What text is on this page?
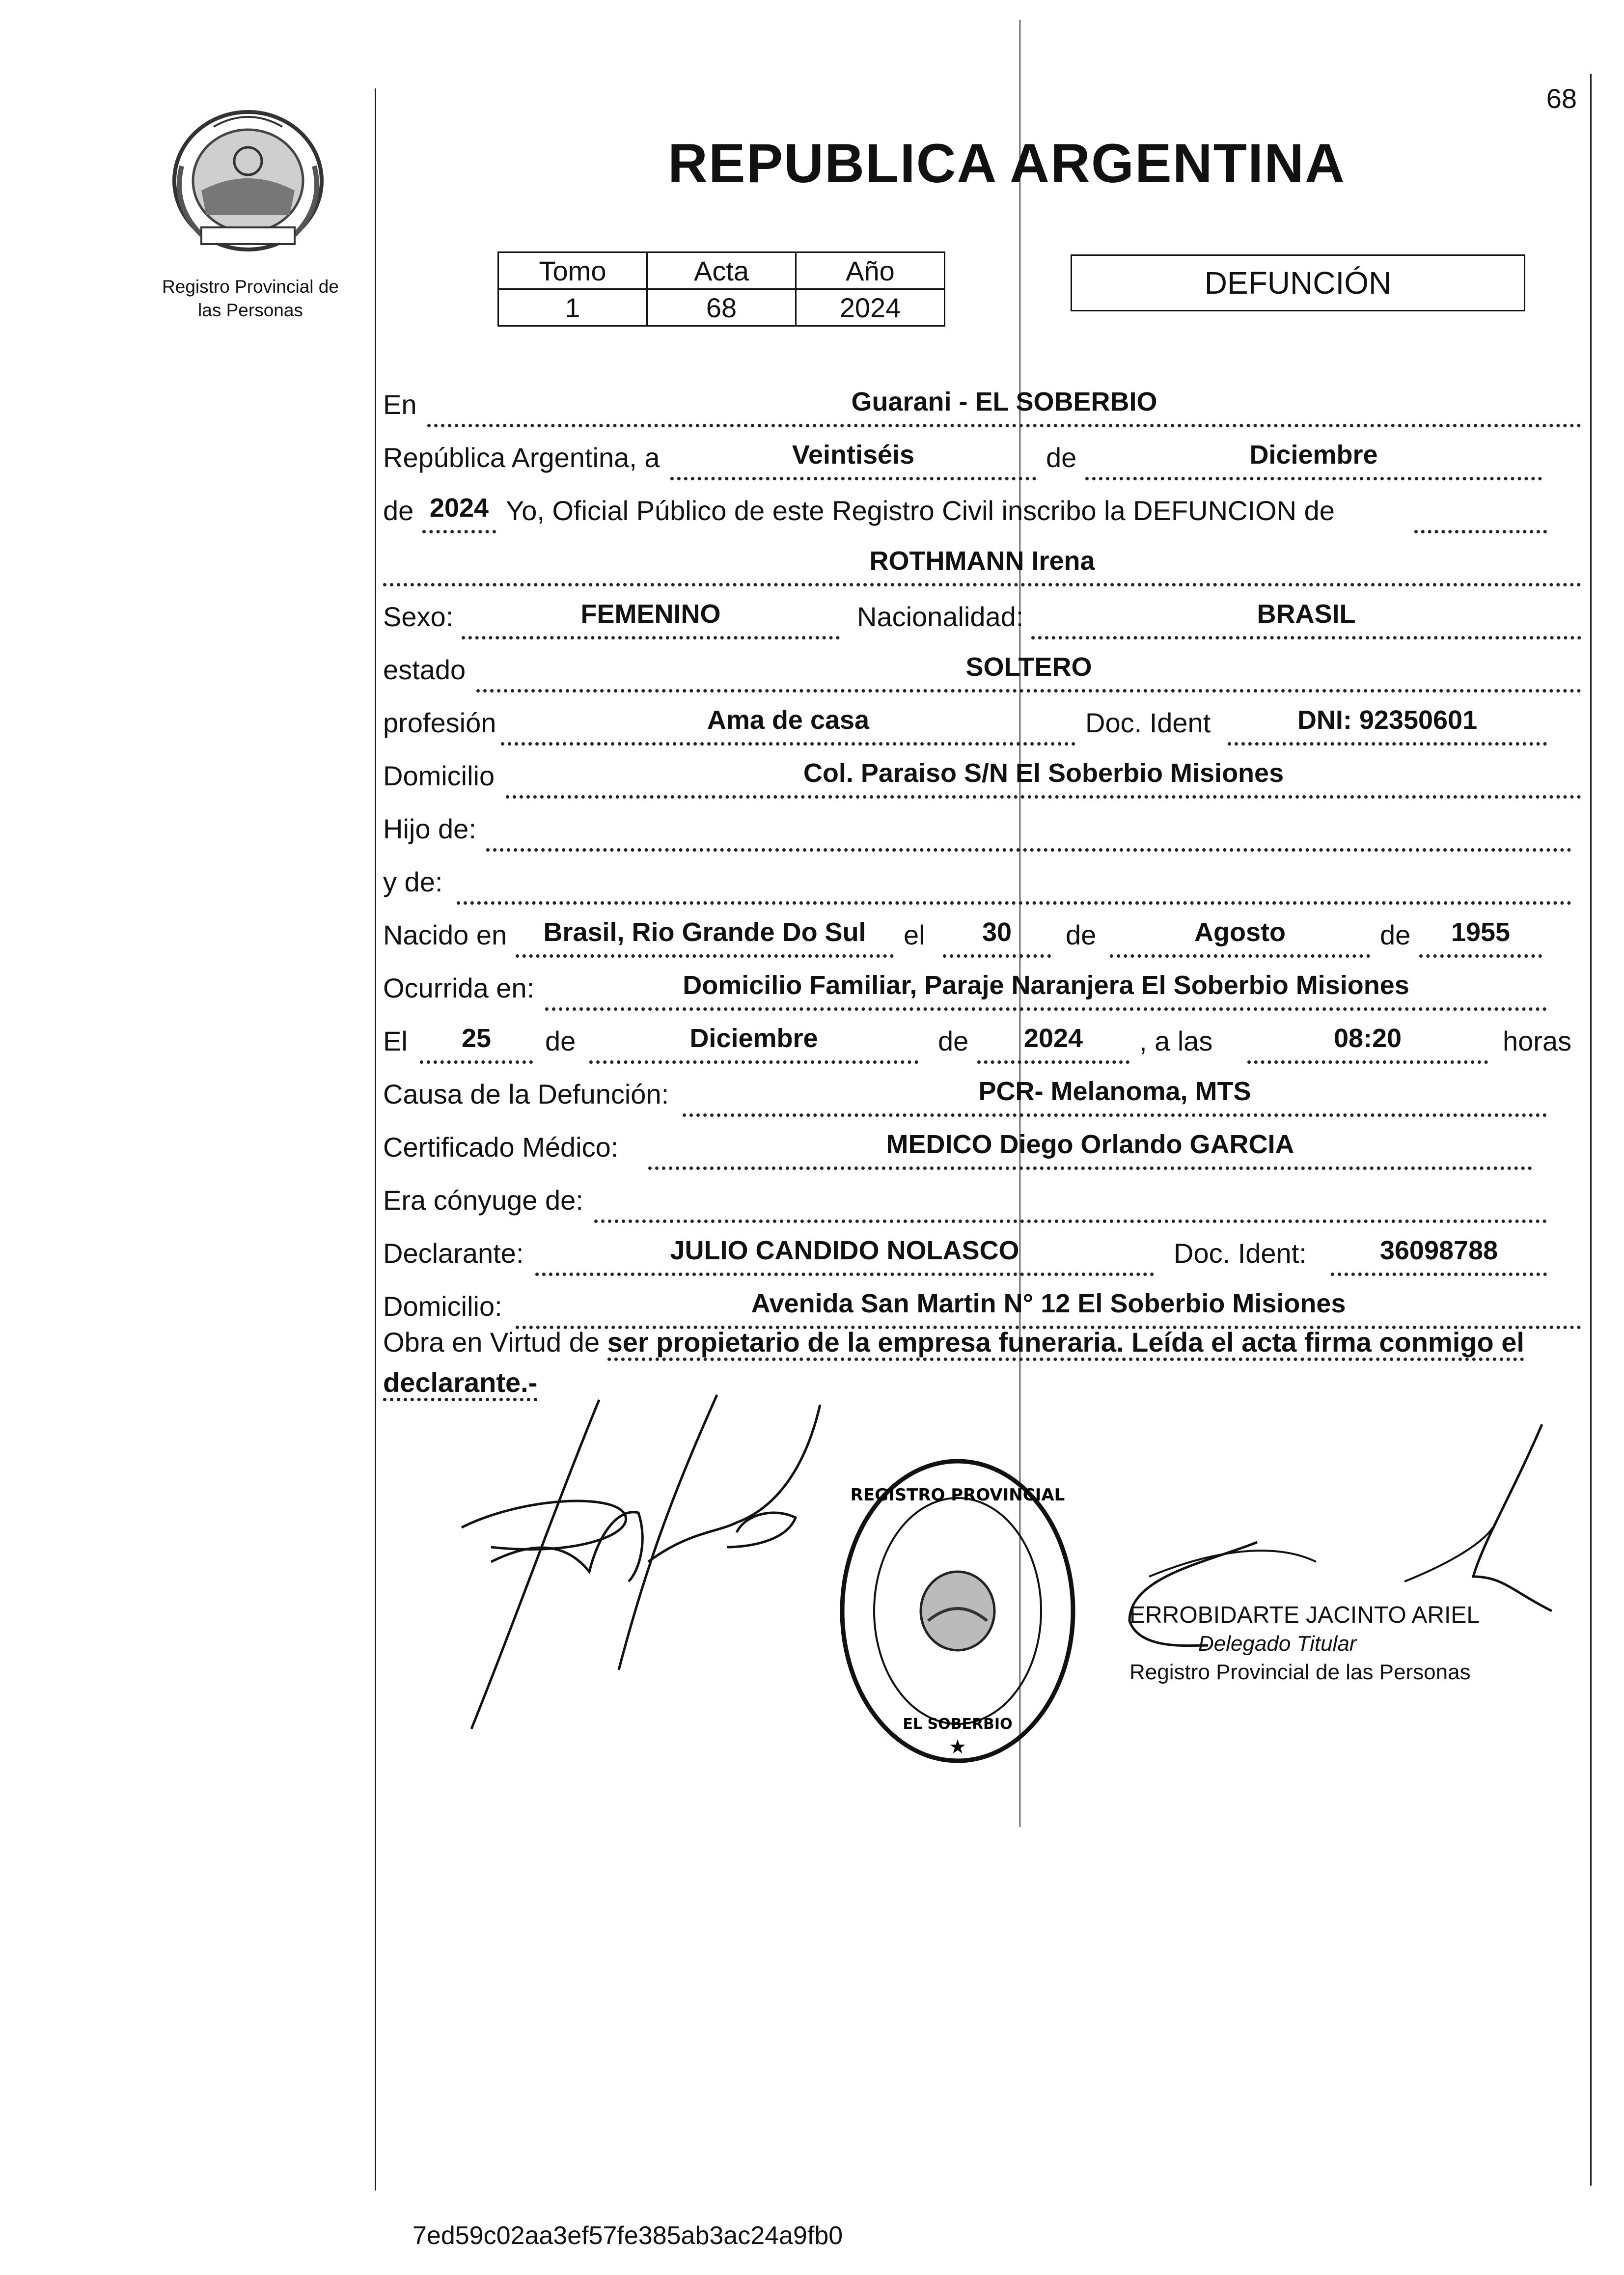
68
Registro Provincial de
las Personas
REPUBLICA ARGENTINA
Tomo	Acta	Año
1	68	2024
DEFUNCIÓN
En	Guarani - EL SOBERBIO
República Argentina, a	Veintiséis	de	Diciembre
de 2024 Yo, Oficial Público de este Registro Civil inscribo la DEFUNCION de
ROTHMANN Irena
Sexo:	FEMENINO	Nacionalidad:	BRASIL
estado	SOLTERO
profesión	Ama de casa	Doc. Ident	DNI: 92350601
Domicilio	Col. Paraiso S/N El Soberbio Misiones
Hijo de:
y de:
Nacido en	Brasil, Rio Grande Do Sul	el	30	de	Agosto	de	1955
Ocurrida en:	Domicilio Familiar, Paraje Naranjera El Soberbio Misiones
El	25	de	Diciembre	de	2024	, a las	08:20	horas
Causa de la Defunción:	PCR- Melanoma, MTS
Certificado Médico:	MEDICO Diego Orlando GARCIA
Era cónyuge de:
Declarante:	JULIO CANDIDO NOLASCO	Doc. Ident:	36098788
Domicilio:	Avenida San Martin N° 12 El Soberbio Misiones
Obra en Virtud de ser propietario de la empresa funeraria. Leída el acta firma conmigo el declarante.-
REGISTRO PROVINCIAL
EL SOBERBIO
★
ERROBIDARTE JACINTO ARIEL
Delegado Titular
Registro Provincial de las Personas
7ed59c02aa3ef57fe385ab3ac24a9fb0
